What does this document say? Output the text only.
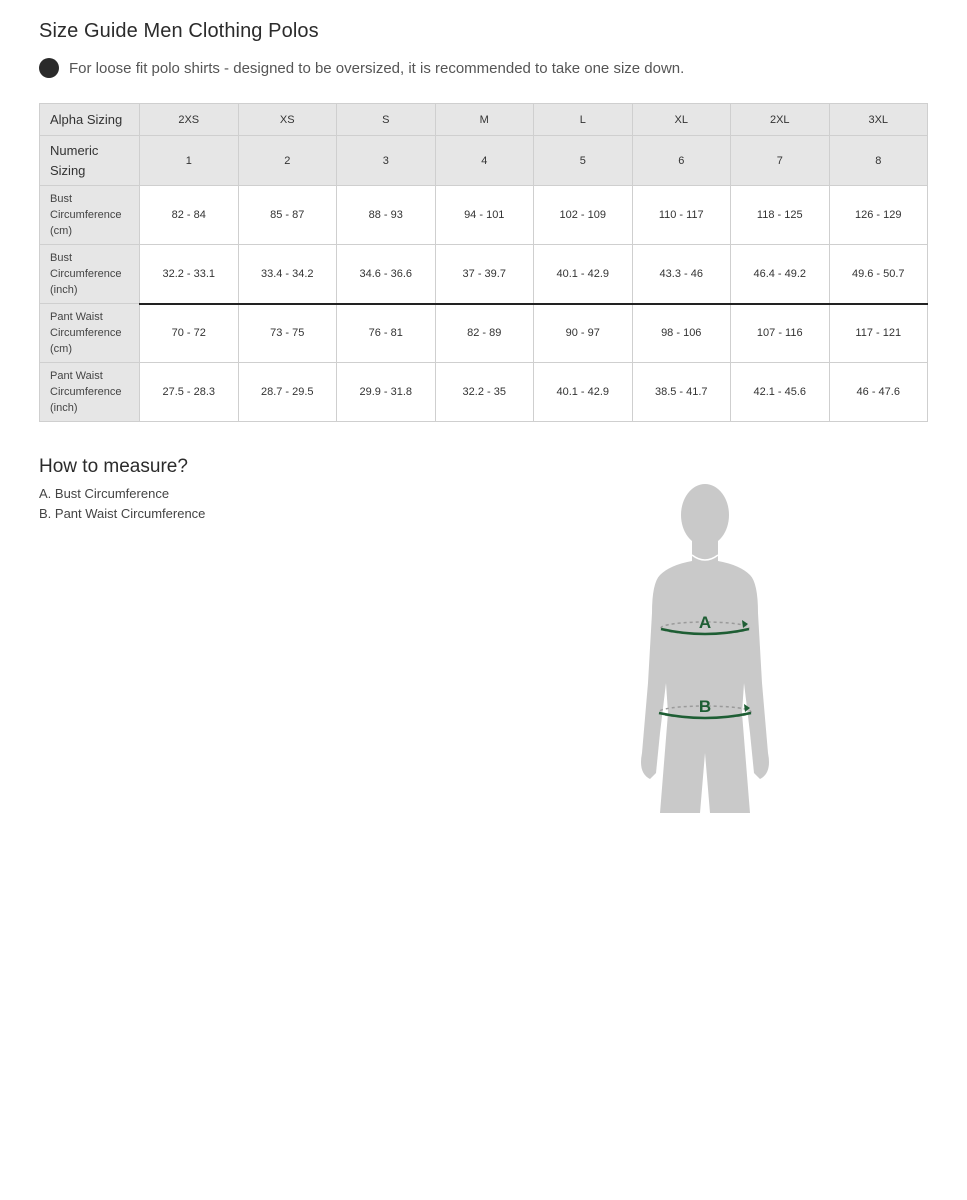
Size Guide Men Clothing Polos
For loose fit polo shirts - designed to be oversized, it is recommended to take one size down.
Alpha Sizing	2XS	XS	S	M	L	XL	2XL	3XL
Numeric Sizing	1	2	3	4	5	6	7	8
Bust Circumference (cm)	82 - 84	85 - 87	88 - 93	94 - 101	102 - 109	110 - 117	118 - 125	126 - 129
Bust Circumference (inch)	32.2 - 33.1	33.4 - 34.2	34.6 - 36.6	37 - 39.7	40.1 - 42.9	43.3 - 46	46.4 - 49.2	49.6 - 50.7
Pant Waist Circumference (cm)	70 - 72	73 - 75	76 - 81	82 - 89	90 - 97	98 - 106	107 - 116	117 - 121
Pant Waist Circumference (inch)	27.5 - 28.3	28.7 - 29.5	29.9 - 31.8	32.2 - 35	40.1 - 42.9	38.5 - 41.7	42.1 - 45.6	46 - 47.6
How to measure?
A. Bust Circumference
B. Pant Waist Circumference
A
B
